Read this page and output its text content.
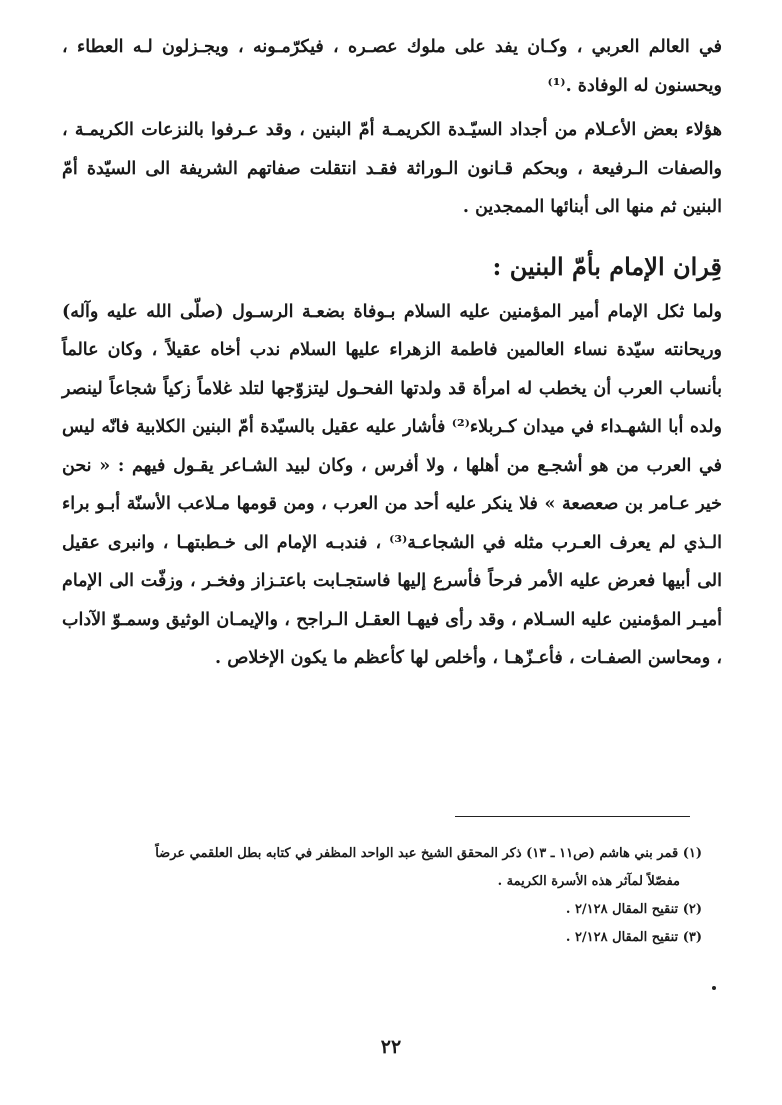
في العالم العربي ، وكـان يفد على ملوك عصـره ، فيكرّمـونه ، ويجـزلون لـه العطاء ، ويحسنون له الوفادة .⁽¹⁾

هؤلاء بعض الأعـلام من أجداد السيّـدة الكريمـة أمّ البنين ، وقد عـرفوا بالنزعات الكريمـة ، والصفات الـرفيعة ، وبحكم قـانون الـوراثة فقـد انتقلت صفاتهم الشريفة الى السيّدة أمّ البنين ثم منها الى أبنائها الممجدين .

قِران الإمام بأمّ البنين :

ولما ثكل الإمام أمير المؤمنين عليه السلام بـوفاة بضعـة الرسـول (صلّى الله عليه وآله) وريحانته سيّدة نساء العالمين فاطمة الزهراء عليها السلام ندب أخاه عقيلاً ، وكان عالماً بأنساب العرب أن يخطب له امرأة قد ولدتها الفحـول ليتزوّجها لتلد غلاماً زكياً شجاعاً لينصر ولده أبا الشهـداء في ميدان كـربلاء⁽²⁾ فأشار عليه عقيل بالسيّدة أمّ البنين الكلابية فانّه ليس في العرب من هو أشجـع من أهلها ، ولا أفرس ، وكان لبيد الشـاعر يقـول فيهم : « نحن خير عـامر بن صعصعة » فلا ينكر عليه أحد من العرب ، ومن قومها مـلاعب الأسنّة أبـو براء الـذي لم يعرف العـرب مثله في الشجاعـة⁽³⁾ ، فندبـه الإمام الى خـطبتهـا ، وانبرى عقيل الى أبيها فعرض عليه الأمر فرحاً فأسرع إليها فاستجـابت باعتـزاز وفخـر ، وزفّت الى الإمام أميـر المؤمنين عليه السـلام ، وقد رأى فيهـا العقـل الـراجح ، والإيمـان الوثيق وسمـوّ الآداب ، ومحاسن الصفـات ، فأعـزّهـا ، وأخلص لها كأعظم ما يكون الإخلاص .

(١) قمر بني هاشم (ص١١ ـ ١٣) ذكر المحقق الشيخ عبد الواحد المظفر في كتابه بطل العلقمي عرضاً

مفصّلاً لمآثر هذه الأسرة الكريمة .

(٢) تنقيح المقال ٢/١٢٨ .

(٣) تنقيح المقال ٢/١٢٨ .

٢٢
